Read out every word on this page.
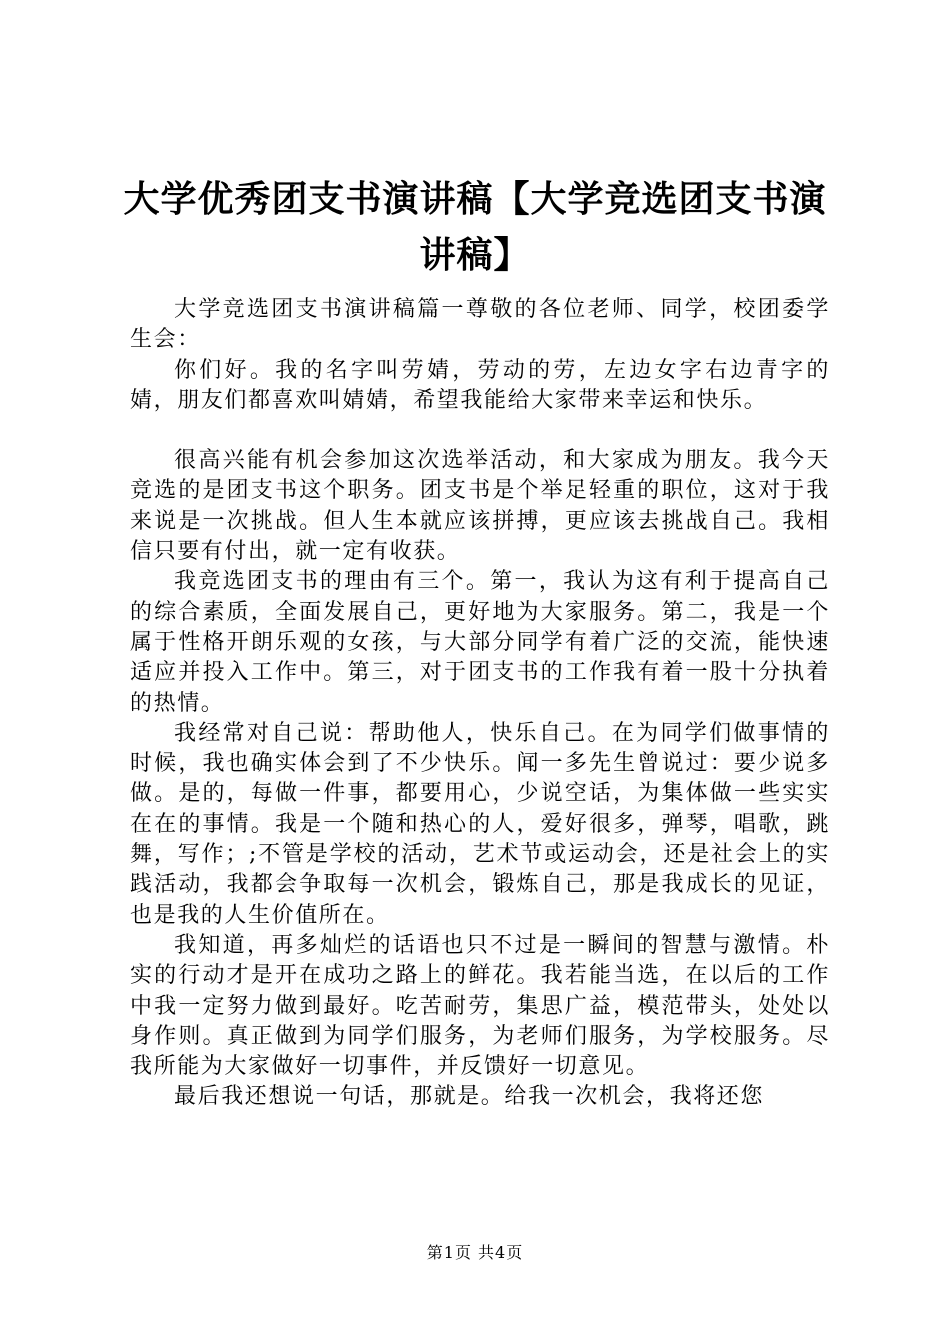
大学优秀团支书演讲稿【大学竞选团支书演讲稿】

大学竞选团支书演讲稿篇一尊敬的各位老师、同学，校团委学生会：

你们好。我的名字叫劳婧，劳动的劳，左边女字右边青字的婧，朋友们都喜欢叫婧婧，希望我能给大家带来幸运和快乐。

很高兴能有机会参加这次选举活动，和大家成为朋友。我今天竞选的是团支书这个职务。团支书是个举足轻重的职位，这对于我来说是一次挑战。但人生本就应该拼搏，更应该去挑战自己。我相信只要有付出，就一定有收获。

我竞选团支书的理由有三个。第一，我认为这有利于提高自己的综合素质，全面发展自己，更好地为大家服务。第二，我是一个属于性格开朗乐观的女孩，与大部分同学有着广泛的交流，能快速适应并投入工作中。第三，对于团支书的工作我有着一股十分执着的热情。

我经常对自己说：帮助他人，快乐自己。在为同学们做事情的时候，我也确实体会到了不少快乐。闻一多先生曾说过：要少说多做。是的，每做一件事，都要用心，少说空话，为集体做一些实实在在的事情。我是一个随和热心的人，爱好很多，弹琴，唱歌，跳舞，写作；;不管是学校的活动，艺术节或运动会，还是社会上的实践活动，我都会争取每一次机会，锻炼自己，那是我成长的见证，也是我的人生价值所在。

我知道，再多灿烂的话语也只不过是一瞬间的智慧与激情。朴实的行动才是开在成功之路上的鲜花。我若能当选，在以后的工作中我一定努力做到最好。吃苦耐劳，集思广益，模范带头，处处以身作则。真正做到为同学们服务，为老师们服务，为学校服务。尽我所能为大家做好一切事件，并反馈好一切意见。

最后我还想说一句话，那就是。给我一次机会，我将还您

第1页 共4页
